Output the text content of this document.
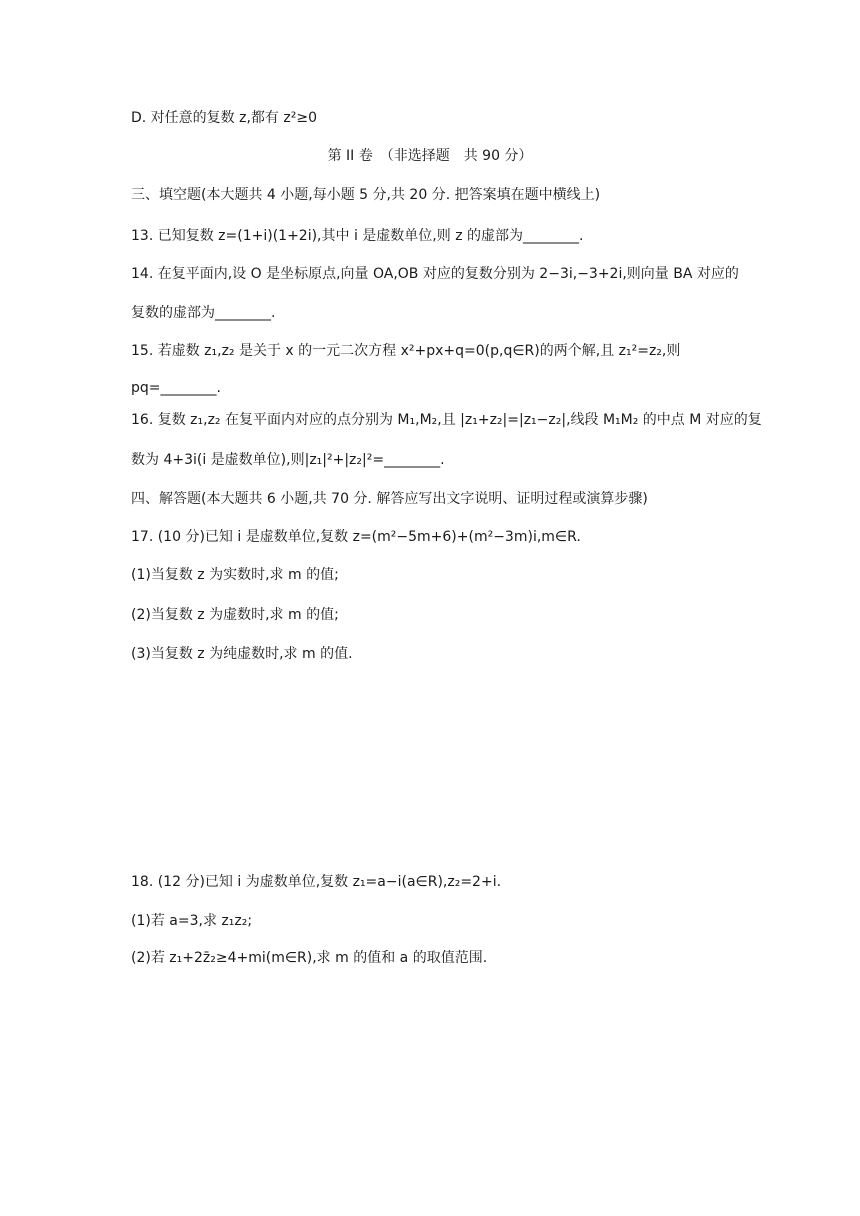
D. 对任意的复数 z,都有 z²≥0
第 II 卷　（非选择题　共 90 分）
三、填空题(本大题共 4 小题,每小题 5 分,共 20 分. 把答案填在题中横线上)
13. 已知复数 z=(1+i)(1+2i),其中 i 是虚数单位,则 z 的虚部为________.
14. 在复平面内,设 O 是坐标原点,向量 OA,OB 对应的复数分别为 2−3i,−3+2i,则向量 BA 对应的
复数的虚部为________.
15. 若虚数 z₁,z₂ 是关于 x 的一元二次方程 x²+px+q=0(p,q∈R)的两个解,且 z₁²=z₂,则
pq=________.
16. 复数 z₁,z₂ 在复平面内对应的点分别为 M₁,M₂,且 |z₁+z₂|=|z₁−z₂|,线段 M₁M₂ 的中点 M 对应的复
数为 4+3i(i 是虚数单位),则|z₁|²+|z₂|²=________.
四、解答题(本大题共 6 小题,共 70 分. 解答应写出文字说明、证明过程或演算步骤)
17. (10 分)已知 i 是虚数单位,复数 z=(m²−5m+6)+(m²−3m)i,m∈R.
(1)当复数 z 为实数时,求 m 的值;
(2)当复数 z 为虚数时,求 m 的值;
(3)当复数 z 为纯虚数时,求 m 的值.
18. (12 分)已知 i 为虚数单位,复数 z₁=a−i(a∈R),z₂=2+i.
(1)若 a=3,求 z₁z₂;
(2)若 z₁+2z̄₂≥4+mi(m∈R),求 m 的值和 a 的取值范围.
